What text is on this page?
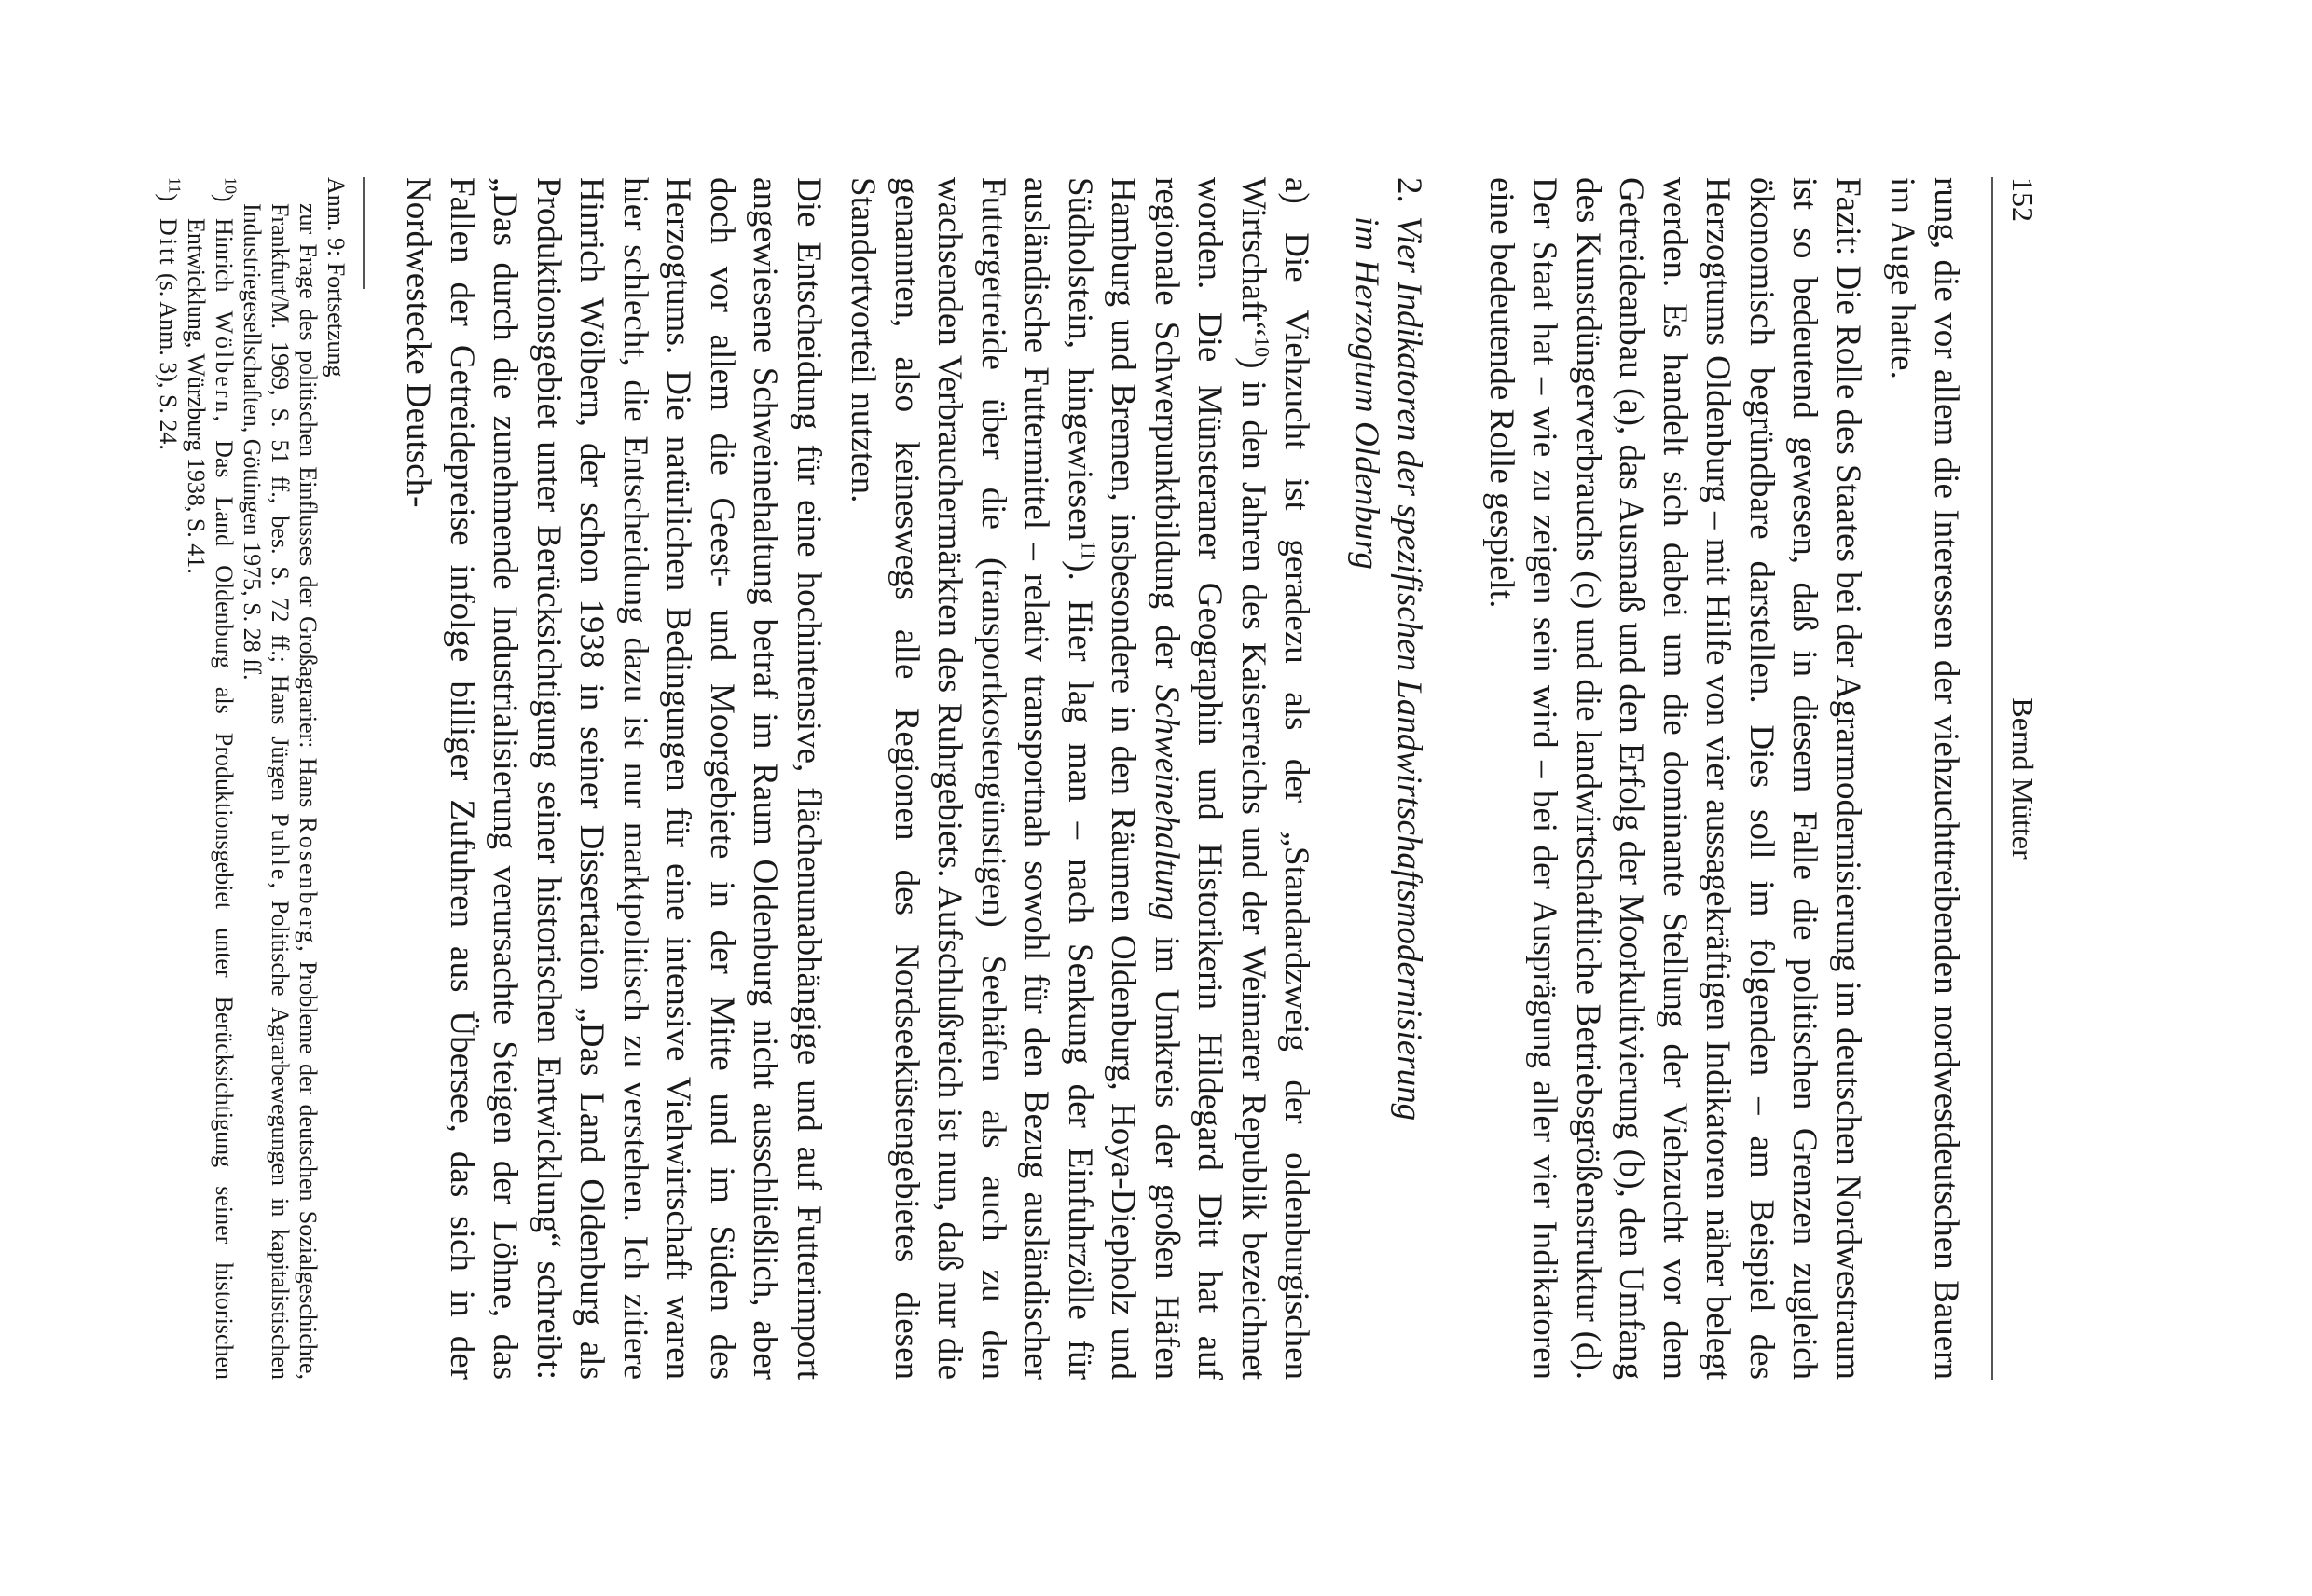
152
Bernd Mütter

rung, die vor allem die Interessen der viehzuchttreibenden nordwestdeutschen Bauern im Auge hatte.

Fazit: Die Rolle des Staates bei der Agrarmodernisierung im deutschen Nordwestraum ist so bedeutend gewesen, daß in diesem Falle die politischen Grenzen zugleich ökonomisch begründbare darstellen. Dies soll im folgenden – am Beispiel des Herzogtums Oldenburg – mit Hilfe von vier aussagekräftigen Indikatoren näher belegt werden. Es handelt sich dabei um die dominante Stellung der Viehzucht vor dem Getreideanbau (a), das Ausmaß und den Erfolg der Moorkultivierung (b), den Umfang des Kunstdüngerverbrauchs (c) und die landwirtschaftliche Betriebsgrößenstruktur (d). Der Staat hat – wie zu zeigen sein wird – bei der Ausprägung aller vier Indikatoren eine bedeutende Rolle gespielt.

2.
Vier Indikatoren der spezifischen Landwirtschaftsmodernisierung
im Herzogtum Oldenburg

a) Die Viehzucht ist geradezu als der „Standardzweig der oldenburgischen Wirtschaft“$^{10}$) in den Jahren des Kaiserreichs und der Weimarer Republik bezeichnet worden. Die Münsteraner Geographin und Historikerin Hildegard Ditt hat auf regionale Schwerpunktbildung der Schweinehaltung im Umkreis der großen Häfen Hamburg und Bremen, insbesondere in den Räumen Oldenburg, Hoya-Diepholz und Südholstein, hingewiesen$^{11}$). Hier lag man – nach Senkung der Einfuhrzölle für ausländische Futtermittel – relativ transportnah sowohl für den Bezug ausländischer Futtergetreide über die (transportkostengünstigen) Seehäfen als auch zu den wachsenden Verbrauchermärkten des Ruhrgebiets. Aufschlußreich ist nun, daß nur die genannten, also keineswegs alle Regionen des Nordseeküstengebietes diesen Standortvorteil nutzten.

Die Entscheidung für eine hochintensive, flächenunabhängige und auf Futterimport angewiesene Schweinehaltung betraf im Raum Oldenburg nicht ausschließlich, aber doch vor allem die Geest- und Moorgebiete in der Mitte und im Süden des Herzogtums. Die natürlichen Bedingungen für eine intensive Viehwirtschaft waren hier schlecht, die Entscheidung dazu ist nur marktpolitisch zu verstehen. Ich zitiere Hinrich Wölbern, der schon 1938 in seiner Dissertation „Das Land Oldenburg als Produktionsgebiet unter Berücksichtigung seiner historischen Entwicklung“ schreibt: „Das durch die zunehmende Industrialisierung verursachte Steigen der Löhne, das Fallen der Getreidepreise infolge billiger Zufuhren aus Übersee, das sich in der Nordwestecke Deutsch-

Anm. 9: Fortsetzung
zur Frage des politischen Einflusses der Großagrarier: Hans Rosenberg, Probleme der deutschen Sozialgeschichte, Frankfurt/M. 1969, S. 51 ff., bes. S. 72 ff.; Hans Jürgen Puhle, Politische Agrarbewegungen in kapitalistischen Industriegesellschaften, Göttingen 1975, S. 28 ff.
$^{10}$)
Hinrich Wölbern, Das Land Oldenburg als Produktionsgebiet unter Berücksichtigung seiner historischen Entwicklung, Würzburg 1938, S. 41.
$^{11}$)
Ditt (s. Anm. 3), S. 24.
